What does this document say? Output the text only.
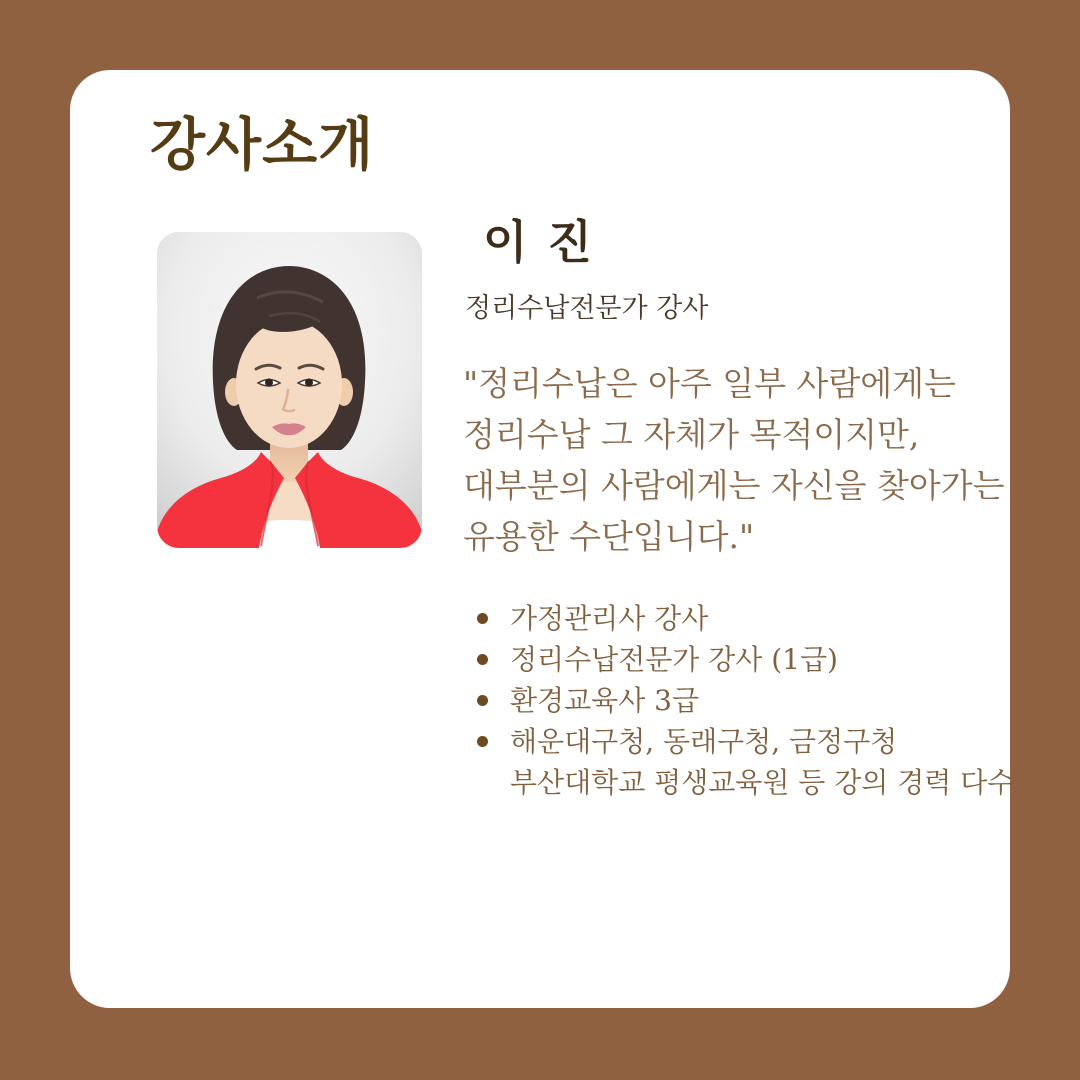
강사소개
이 진
정리수납전문가 강사
"정리수납은 아주 일부 사람에게는
정리수납 그 자체가 목적이지만,
대부분의 사람에게는 자신을 찾아가는
유용한 수단입니다."
가정관리사 강사
정리수납전문가 강사 (1급)
환경교육사 3급
해운대구청, 동래구청, 금정구청
부산대학교 평생교육원 등 강의 경력 다수
